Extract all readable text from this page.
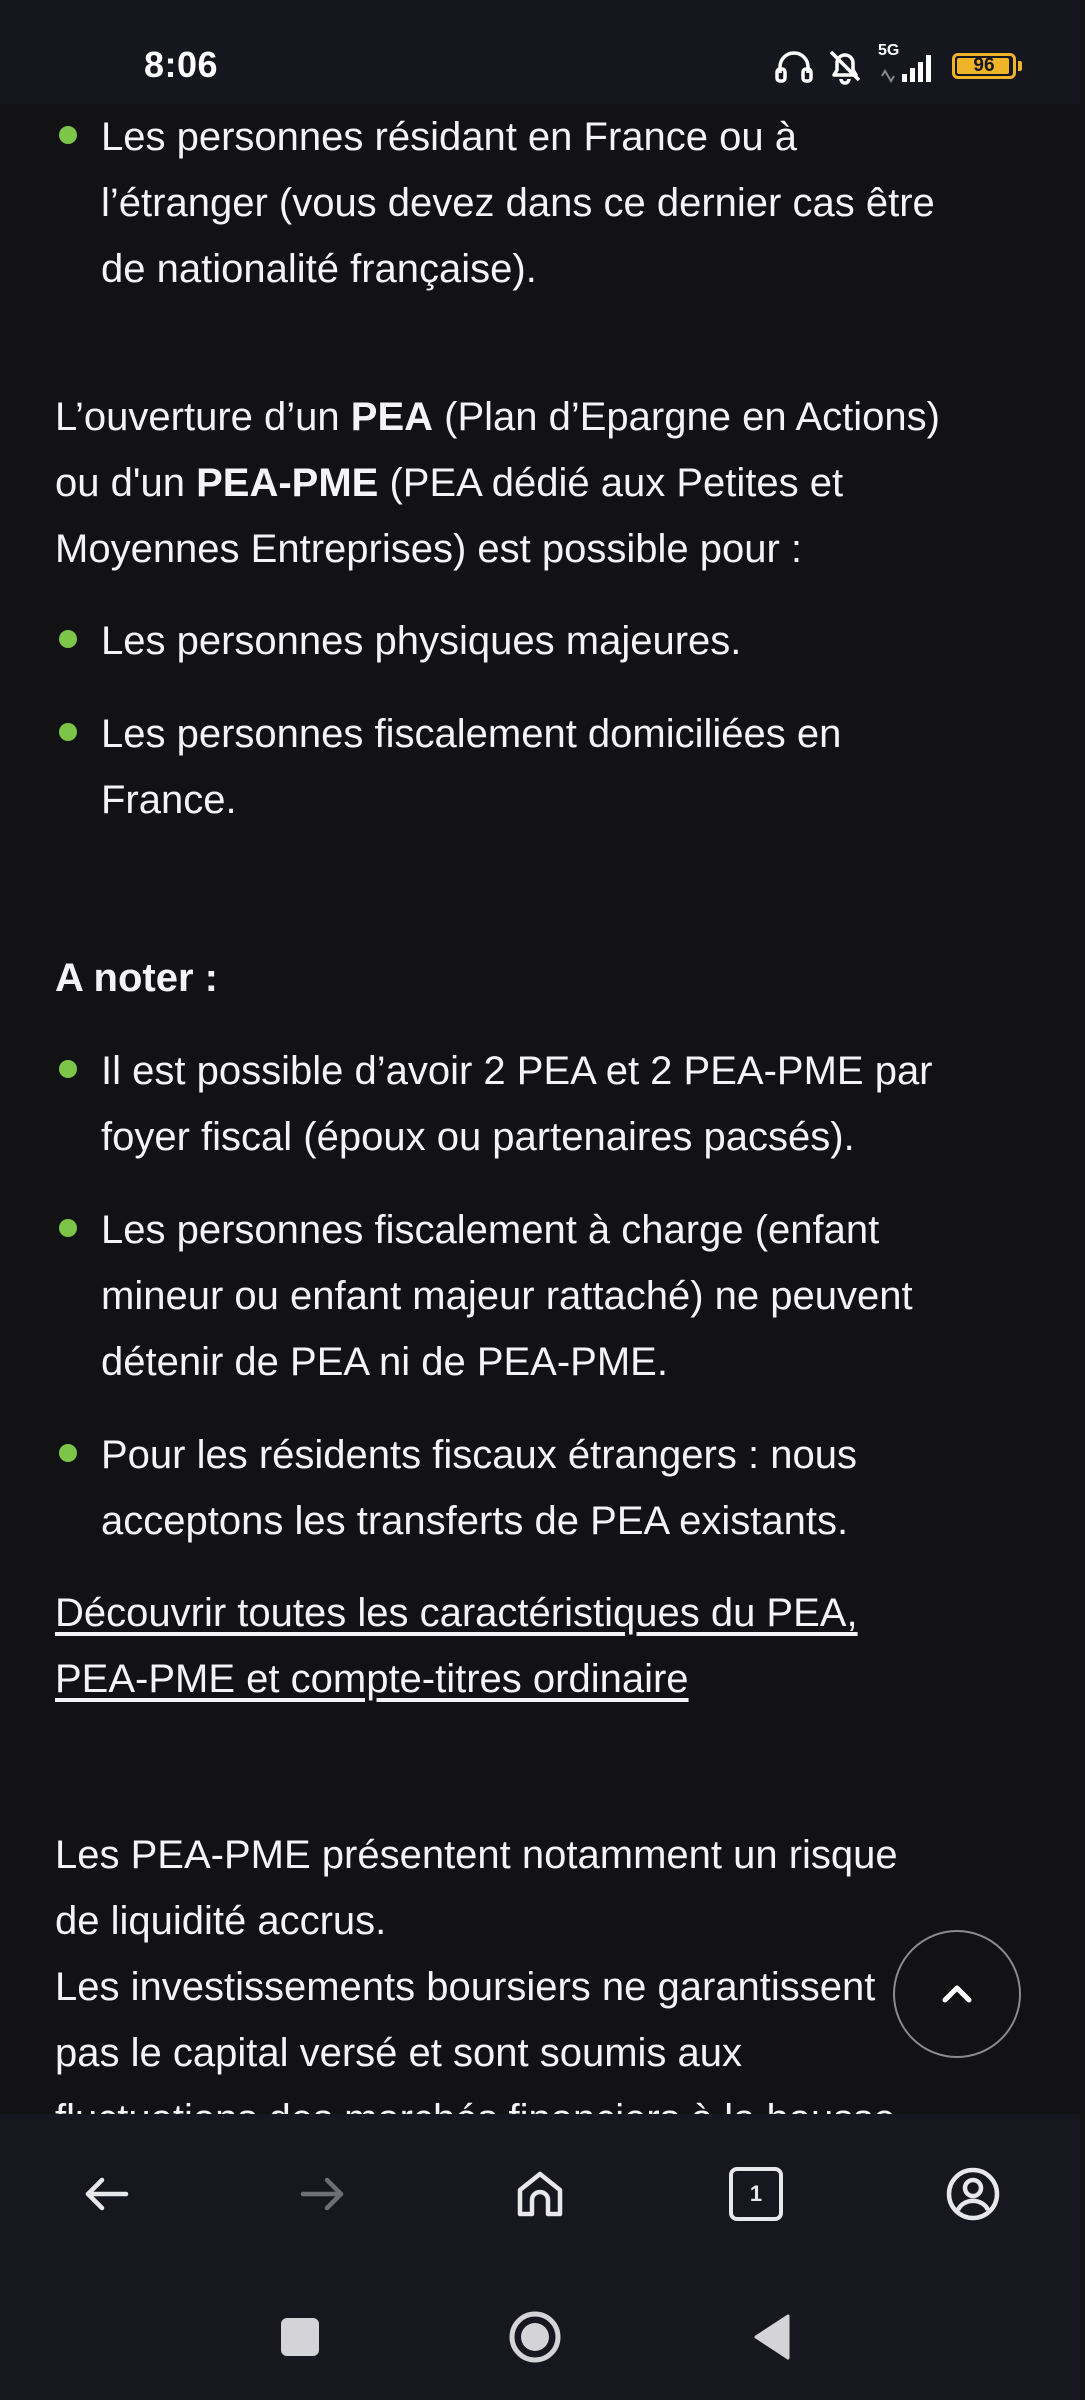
8:06	5G
96
Les personnes résidant en France ou à
l’étranger (vous devez dans ce dernier cas être
de nationalité française).
L’ouverture d’un PEA (Plan d’Epargne en Actions)
ou d'un PEA-PME (PEA dédié aux Petites et
Moyennes Entreprises) est possible pour :
Les personnes physiques majeures.
Les personnes fiscalement domiciliées en
France.
A noter :
Il est possible d’avoir 2 PEA et 2 PEA-PME par
foyer fiscal (époux ou partenaires pacsés).
Les personnes fiscalement à charge (enfant
mineur ou enfant majeur rattaché) ne peuvent
détenir de PEA ni de PEA-PME.
Pour les résidents fiscaux étrangers : nous
acceptons les transferts de PEA existants.
Découvrir toutes les caractéristiques du PEA,
PEA-PME et compte-titres ordinaire
Les PEA-PME présentent notamment un risque
de liquidité accrus.
Les investissements boursiers ne garantissent
pas le capital versé et sont soumis aux
1
